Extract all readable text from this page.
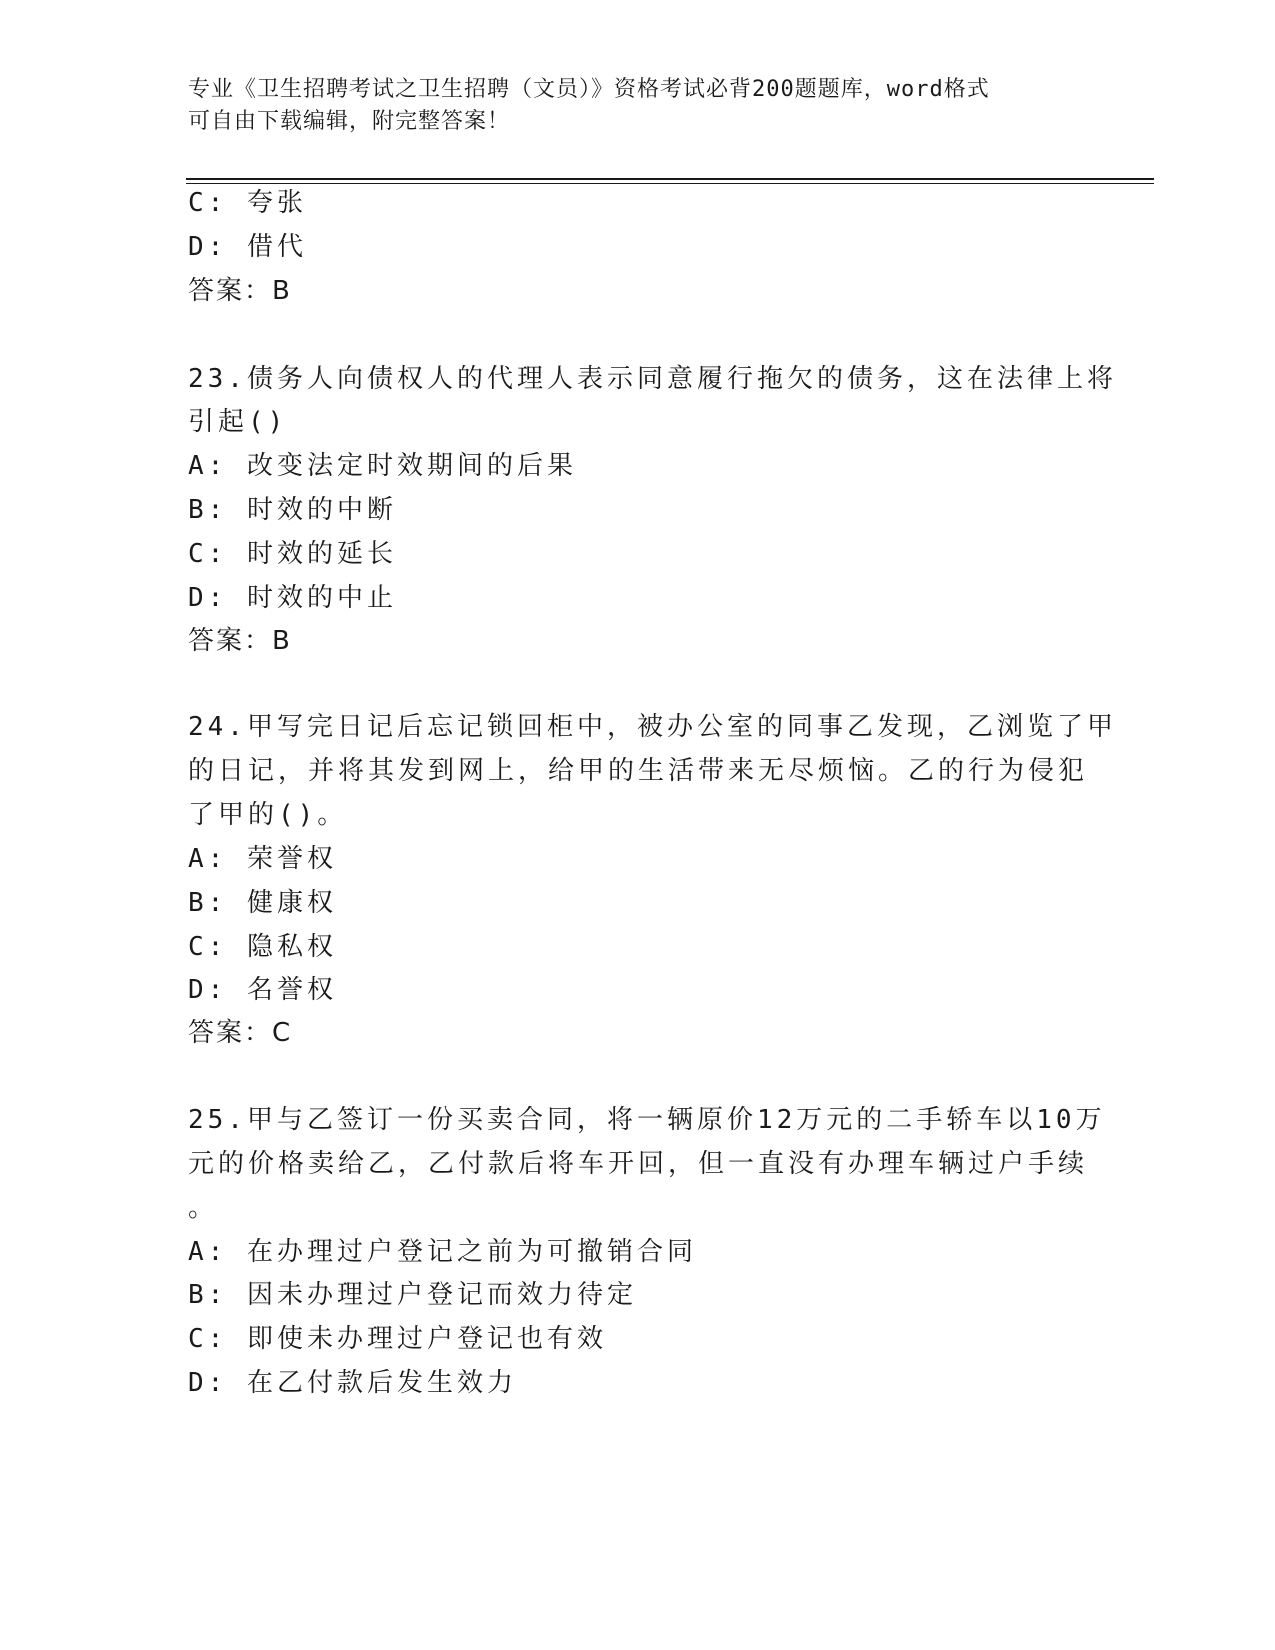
专业《卫生招聘考试之卫生招聘（文员）》资格考试必背200题题库，word格式
可自由下载编辑，附完整答案！
C: 夸张
D: 借代
答案：B
23.债务人向债权人的代理人表示同意履行拖欠的债务，这在法律上将
引起()
A: 改变法定时效期间的后果
B: 时效的中断
C: 时效的延长
D: 时效的中止
答案：B
24.甲写完日记后忘记锁回柜中，被办公室的同事乙发现，乙浏览了甲
的日记，并将其发到网上，给甲的生活带来无尽烦恼。乙的行为侵犯
了甲的()。
A: 荣誉权
B: 健康权
C: 隐私权
D: 名誉权
答案：C
25.甲与乙签订一份买卖合同，将一辆原价12万元的二手轿车以10万
元的价格卖给乙，乙付款后将车开回，但一直没有办理车辆过户手续
。
A: 在办理过户登记之前为可撤销合同
B: 因未办理过户登记而效力待定
C: 即使未办理过户登记也有效
D: 在乙付款后发生效力
